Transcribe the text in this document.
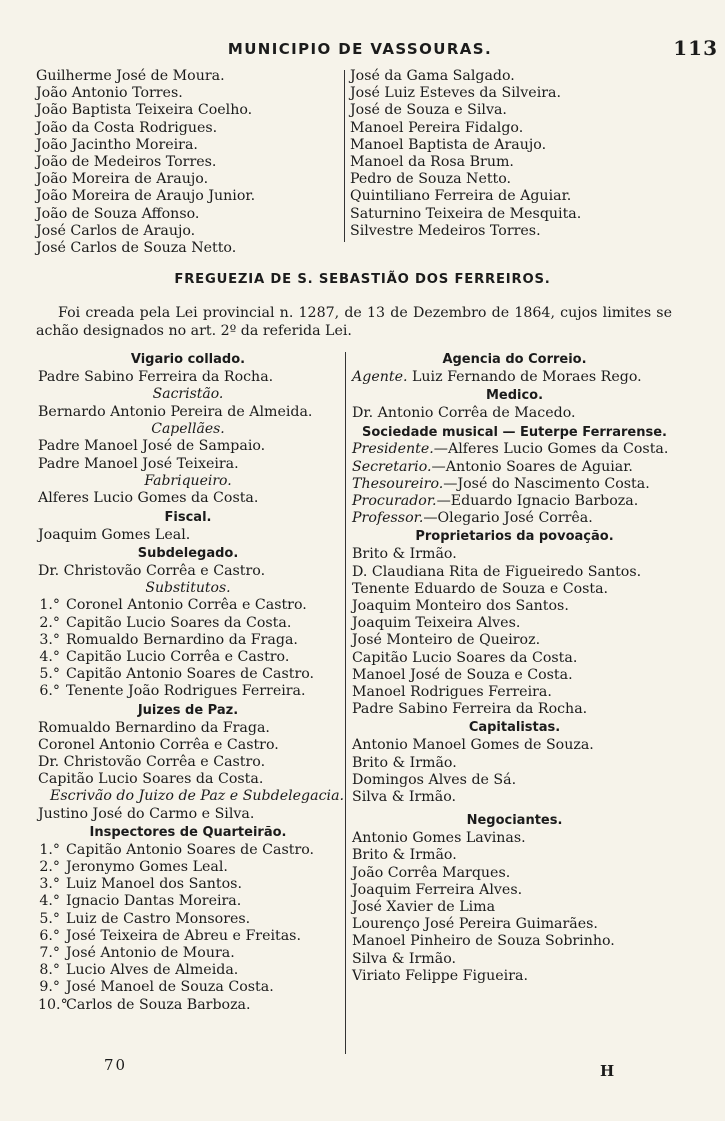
MUNICIPIO DE VASSOURAS.	113
Guilherme José de Moura.
João Antonio Torres.
João Baptista Teixeira Coelho.
João da Costa Rodrigues.
João Jacintho Moreira.
João de Medeiros Torres.
João Moreira de Araujo.
João Moreira de Araujo Junior.
João de Souza Affonso.
José Carlos de Araujo.
José Carlos de Souza Netto.
José da Gama Salgado.
José Luiz Esteves da Silveira.
José de Souza e Silva.
Manoel Pereira Fidalgo.
Manoel Baptista de Araujo.
Manoel da Rosa Brum.
Pedro de Souza Netto.
Quintiliano Ferreira de Aguiar.
Saturnino Teixeira de Mesquita.
Silvestre Medeiros Torres.
FREGUEZIA DE S. SEBASTIÃO DOS FERREIROS.
Foi creada pela Lei provincial n. 1287, de 13 de Dezembro de 1864, cujos limites se achão designados no art. 2º da referida Lei.
Vigario collado.
Padre Sabino Ferreira da Rocha.
Sacristão.
Bernardo Antonio Pereira de Almeida.
Capellães.
Padre Manoel José de Sampaio.
Padre Manoel José Teixeira.
Fabriqueiro.
Alferes Lucio Gomes da Costa.
Fiscal.
Joaquim Gomes Leal.
Subdelegado.
Dr. Christovão Corrêa e Castro.
Substitutos.
1.° Coronel Antonio Corrêa e Castro.
2.° Capitão Lucio Soares da Costa.
3.° Romualdo Bernardino da Fraga.
4.° Capitão Lucio Corrêa e Castro.
5.° Capitão Antonio Soares de Castro.
6.° Tenente João Rodrigues Ferreira.
Juizes de Paz.
Romualdo Bernardino da Fraga.
Coronel Antonio Corrêa e Castro.
Dr. Christovão Corrêa e Castro.
Capitão Lucio Soares da Costa.
Escrivão do Juizo de Paz e Subdelegacia.
Justino José do Carmo e Silva.
Inspectores de Quarteirão.
1.° Capitão Antonio Soares de Castro.
2.° Jeronymo Gomes Leal.
3.° Luiz Manoel dos Santos.
4.° Ignacio Dantas Moreira.
5.° Luiz de Castro Monsores.
6.° José Teixeira de Abreu e Freitas.
7.° José Antonio de Moura.
8.° Lucio Alves de Almeida.
9.° José Manoel de Souza Costa.
10.°Carlos de Souza Barboza.
Agencia do Correio.
Agente. Luiz Fernando de Moraes Rego.
Medico.
Dr. Antonio Corrêa de Macedo.
Sociedade musical — Euterpe Ferrarense.
Presidente.—Alferes Lucio Gomes da Costa.
Secretario.—Antonio Soares de Aguiar.
Thesoureiro.—José do Nascimento Costa.
Procurador.—Eduardo Ignacio Barboza.
Professor.—Olegario José Corrêa.
Proprietarios da povoação.
Brito & Irmão.
D. Claudiana Rita de Figueiredo Santos.
Tenente Eduardo de Souza e Costa.
Joaquim Monteiro dos Santos.
Joaquim Teixeira Alves.
José Monteiro de Queiroz.
Capitão Lucio Soares da Costa.
Manoel José de Souza e Costa.
Manoel Rodrigues Ferreira.
Padre Sabino Ferreira da Rocha.
Capitalistas.
Antonio Manoel Gomes de Souza.
Brito & Irmão.
Domingos Alves de Sá.
Silva & Irmão.
Negociantes.
Antonio Gomes Lavinas.
Brito & Irmão.
João Corrêa Marques.
Joaquim Ferreira Alves.
José Xavier de Lima
Lourenço José Pereira Guimarães.
Manoel Pinheiro de Souza Sobrinho.
Silva & Irmão.
Viriato Felippe Figueira.
70	H
